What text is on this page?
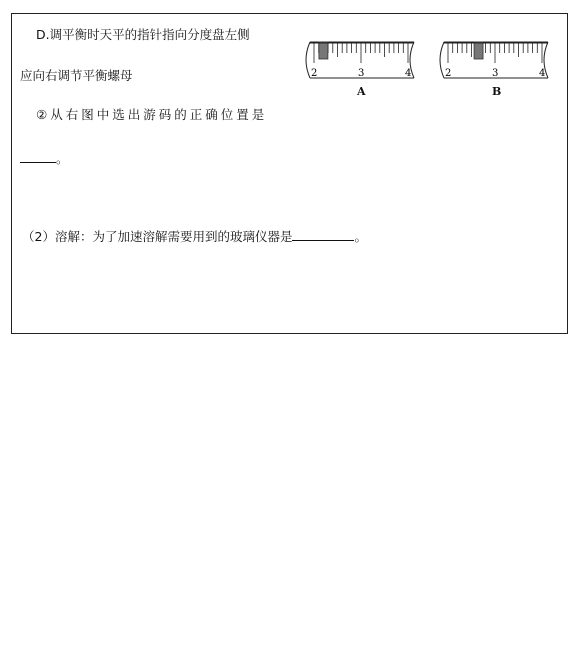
D.调平衡时天平的指针指向分度盘左侧
应向右调节平衡螺母
②从右图中选出游码的正确位置是
。
（2）溶解：为了加速溶解需要用到的玻璃仪器是	。
2	3	4
A
2	3	4
B
